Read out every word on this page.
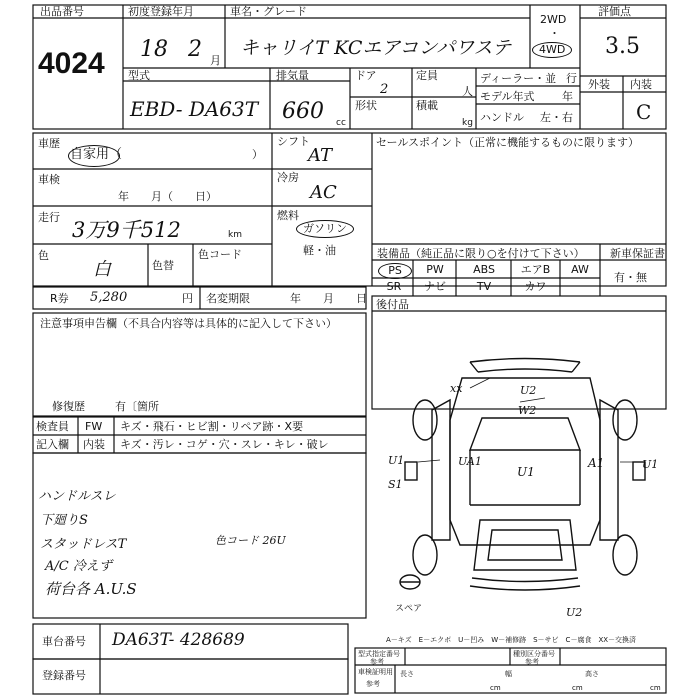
出品番号
4024
初度登録年月
18 2 月
車名・グレード
キャリイT KCエアコンパワステ
2WD
・
4WD
評価点
3.5
外装 内装
C
型式
EBD- DA63T
排気量
660 cc
ドア
2
形状
定員
人
積載
kg
ディーラー・並 行
モデル年式	年
ハンドル 左・右
車歴
自家用（	）
シフト
AT
車検
年　　月（　　日）
冷房
AC
走行
3万9千512	km
燃料
ガソリン
軽・油
色
白	色替
色コード
セールスポイント（正常に機能するものに限ります）
装備品（純正品に限り○を付けて下さい） 新車保証書
有・無
PS	PW	ABS	エアB	AW
SR	ナビ	TV	カワ
後付品
R券 5,280	円 名変期限	年　　月　　日
注意事項申告欄（不具合内容等は具体的に記入して下さい）
修復歴	有〔箇所
検査員
記入欄
FW キズ・飛石・ヒビ割・リペア跡・X要
内装 キズ・汚レ・コゲ・穴・スレ・キレ・破レ
ハンドルスレ
下廻りS
スタッドレスT
A/C 冷えず
荷台各 A.U.S
色コード 26U
xx	U2
W2
U1
S1
UA1
U1
A1	U1
スペア	U2
車台番号 DA63T- 428689
登録番号
A－キズ　E－エクボ　U－凹み　W－補修跡　S－サビ　C－腐食　XX－交換済
型式指定番号
参考
種別区分番号
参考
車検証明用
参考
長さ
cm
幅
cm
高さ
cm
